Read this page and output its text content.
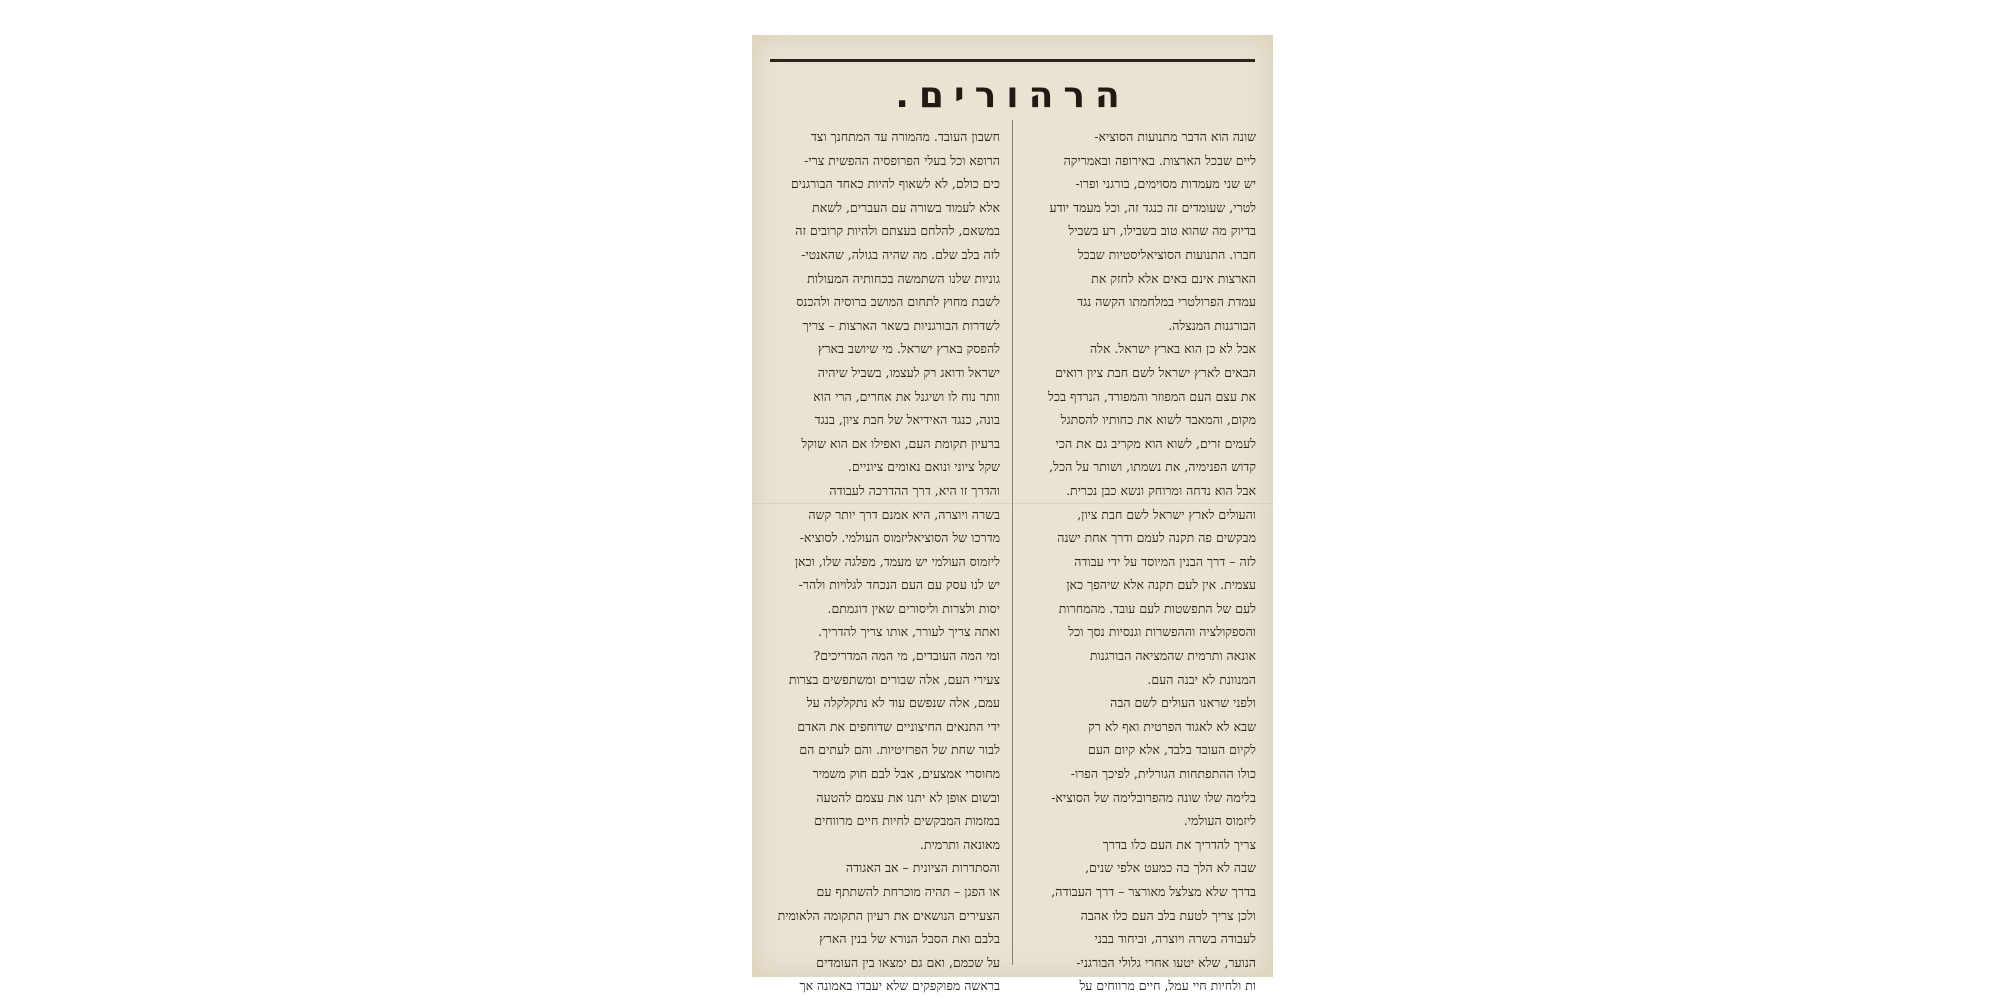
הרהורים.

שונה הוא הדבר מתנועות הסוציא-
ליים שבכל הארצות. באירופה ובאמריקה
יש שני מעמדות מסוימים, בורגני ופרו-
לטרי, שעומדים זה כנגד זה, וכל מעמד יודע
בדיוק מה שהוא טוב בשבילו, רע בשביל
חברו. התנועות הסוציאליסטיות שבכל
הארצות אינם באים אלא לחזק את
עמדת הפרולטרי במלחמתו הקשה נגד
הבורגנות המנצלה.

אבל לא כן הוא בארץ ישראל. אלה
הבאים לארץ ישראל לשם חבת ציון רואים
את עצם העם המפוזר והמפורד, הנרדף בכל
מקום, והמאבד לשוא את כחותיו להסתגל
לעמים זרים, לשוא הוא מקריב גם את הכי
קדוש הפנימיה, את נשמתו, ושותר על הכל,
אבל הוא נדחה ומרוחק ונשא כבן נכרית.
והעולים לארץ ישראל לשם חבת ציון,
מבקשים פה תקנה לעמם ודרך אחת ישנה
לזה – דרך הבנין המיוסד על ידי עבודה
עצמית. אין לעם תקנה אלא שיהפך כאן
לעם של התפשטות לעם עובד. מהמחרות
והספקולציה וההפשרות וגנסיות נסך וכל
אונאה ותרמית שהמציאה הבורגנות
המנוונת לא יבנה העם.

ולפני שראנו העולים לשם הבה
שבא לא לאגוד הפרטית ואף לא רק
לקיום העובד בלבד, אלא קיום העם
כולו ההתפתחות הגורלית, לפיכך הפרו-
בלימה שלו שונה מהפרובלימה של הסוציא-
ליזמוס העולמי.

צריך להדריך את העם כלו בדרך
שבה לא הלך בה כמעט אלפי שנים,
בדרך שלא מצלצל מאורצר – דרך העבודה,
ולכן צריך לטעת בלב העם כלו אהבה
לעבודה בשרה ויוצרה, וביחוד בבני
הנוער, שלא יטעו אחרי גלולי הבורגני-
ות ולחיות חיי עמל, חיים מרווחים על

חשבון העובד. מהמורה עד המתחנך וצד
הרופא וכל בעלי הפרופסיה ההפשית צרי-
כים כולם, לא לשאוף להיות כאחד הבורגנים
אלא לעמוד בשורה עם העברים, לשאת
במשאם, להלחם בעצתם ולהיות קרובים זה
לזה בלב שלם. מה שהיה בגולה, שהאנטי-
גוניות שלנו השתמשה בכחותיה המעולות
לשבת מחוץ לתחום המושב ברוסיה ולהכנס
לשדרות הבורגניות בשאר הארצות – צריך
להפסק בארץ ישראל. מי שיושב בארץ
ישראל ודואג רק לעצמו, בשביל שיהיה
וותר נוח לו ושיגנל את אחרים, הרי הוא
בונה, כנגד האידיאל של חבת ציון, בנגד
ברעיון תקומת העם, ואפילו אם הוא שוקל
שקל ציוני ונואם נאומים ציוניים.

והדרך זו היא, דרך ההדרכה לעבודה
בשרה ויוצרה, היא אמנם דרך יותר קשה
מדרכו של הסוציאליזמוס העולמי. לסוציא-
ליזמוס העולמי יש מעמד, מפלגה שלו, וכאן
יש לנו עסק עם העם הנכחד לגלויות ולהר-
יסות ולצרות וליסורים שאין דוגמתם.
ואתה צריך לעורר, אותו צריך להדריך.

ומי המה העובדים, מי המה המדריכים?

צעירי העם, אלה שבורים ומשתפשים בצרות
עמם, אלה שנפשם עוד לא נתקלקלה על
ידי התנאים החיצוניים שדוחפים את האדם
לבור שחת של הפרזיטיות. והם לעתים הם
מחוסרי אמצעים, אבל לבם חוק משמיר
ובשום אופן לא יתנו את עצמם להטעה
במזמות המבקשים לחיות חיים מרווחים
מאונאה ותרמית.

והסתדרות הציונית – אב האגודה
או הפגן – תהיה מוכרחת להשתתף עם
הצעירים הנושאים את רעיון התקומה הלאומית
בלבם ואת הסבל הנורא של בנין הארץ
על שכמם, ואם גם ימצאו בין העומדים
בראשה מפוקפקים שלא יעבדו באמונה אך
